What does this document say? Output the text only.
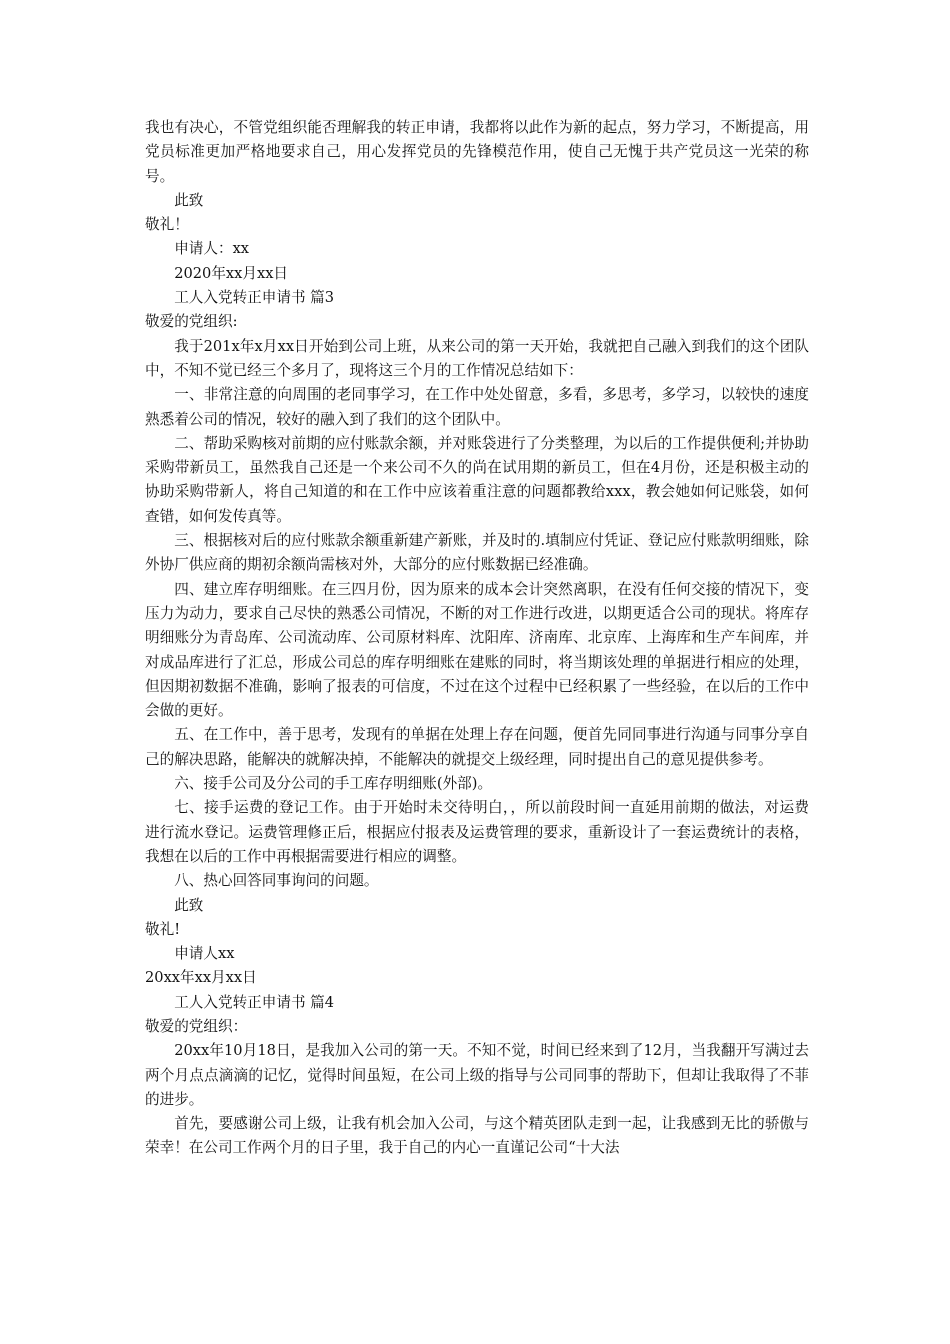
我也有决心，不管党组织能否理解我的转正申请，我都将以此作为新的起点，努力学习，不断提高，用党员标准更加严格地要求自己，用心发挥党员的先锋模范作用，使自己无愧于共产党员这一光荣的称号。

此致

敬礼！

申请人：xx

2020年xx月xx日

工人入党转正申请书 篇3

敬爱的党组织:

我于201x年x月xx日开始到公司上班，从来公司的第一天开始，我就把自己融入到我们的这个团队中，不知不觉已经三个多月了，现将这三个月的工作情况总结如下：

一、非常注意的向周围的老同事学习，在工作中处处留意，多看，多思考，多学习，以较快的速度熟悉着公司的情况，较好的融入到了我们的这个团队中。

二、帮助采购核对前期的应付账款余额，并对账袋进行了分类整理，为以后的工作提供便利;并协助采购带新员工，虽然我自己还是一个来公司不久的尚在试用期的新员工，但在4月份，还是积极主动的协助采购带新人，将自己知道的和在工作中应该着重注意的问题都教给xxx，教会她如何记账袋，如何查错，如何发传真等。

三、根据核对后的应付账款余额重新建产新账，并及时的.填制应付凭证、登记应付账款明细账，除外协厂供应商的期初余额尚需核对外，大部分的应付账数据已经准确。

四、建立库存明细账。在三四月份，因为原来的成本会计突然离职，在没有任何交接的情况下，变压力为动力，要求自己尽快的熟悉公司情况，不断的对工作进行改进，以期更适合公司的现状。将库存明细账分为青岛库、公司流动库、公司原材料库、沈阳库、济南库、北京库、上海库和生产车间库，并对成品库进行了汇总，形成公司总的库存明细账在建账的同时，将当期该处理的单据进行相应的处理，但因期初数据不准确，影响了报表的可信度，不过在这个过程中已经积累了一些经验，在以后的工作中会做的更好。

五、在工作中，善于思考，发现有的单据在处理上存在问题，便首先同同事进行沟通与同事分享自己的解决思路，能解决的就解决掉，不能解决的就提交上级经理，同时提出自己的意见提供参考。

六、接手公司及分公司的手工库存明细账(外部)。

七、接手运费的登记工作。由于开始时未交待明白，，所以前段时间一直延用前期的做法，对运费进行流水登记。运费管理修正后，根据应付报表及运费管理的要求，重新设计了一套运费统计的表格，我想在以后的工作中再根据需要进行相应的调整。

八、热心回答同事询问的问题。

此致

敬礼!

申请人xx

20xx年xx月xx日

工人入党转正申请书 篇4

敬爱的党组织：

20xx年10月18日，是我加入公司的第一天。不知不觉，时间已经来到了12月，当我翻开写满过去两个月点点滴滴的记忆，觉得时间虽短，在公司上级的指导与公司同事的帮助下，但却让我取得了不菲的进步。

首先，要感谢公司上级，让我有机会加入公司，与这个精英团队走到一起，让我感到无比的骄傲与荣幸！在公司工作两个月的日子里，我于自己的内心一直谨记公司“十大法
